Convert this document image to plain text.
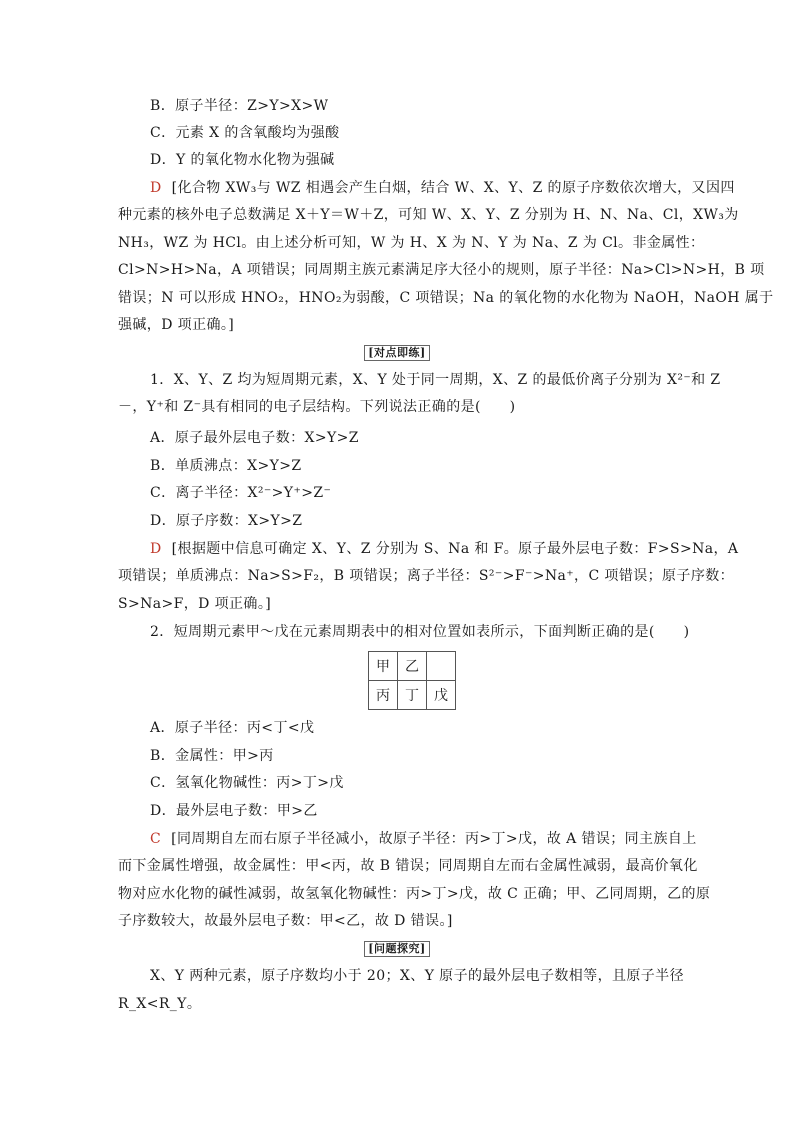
B．原子半径：Z>Y>X>W
C．元素 X 的含氧酸均为强酸
D．Y 的氧化物水化物为强碱
D [化合物 XW₃与 WZ 相遇会产生白烟，结合 W、X、Y、Z 的原子序数依次增大，又因四
种元素的核外电子总数满足 X＋Y＝W＋Z，可知 W、X、Y、Z 分别为 H、N、Na、Cl，XW₃为
NH₃，WZ 为 HCl。由上述分析可知，W 为 H、X 为 N、Y 为 Na、Z 为 Cl。非金属性：
Cl>N>H>Na，A 项错误；同周期主族元素满足序大径小的规则，原子半径：Na>Cl>N>H，B 项
错误；N 可以形成 HNO₂，HNO₂为弱酸，C 项错误；Na 的氧化物的水化物为 NaOH，NaOH 属于
强碱，D 项正确。]
[对点即练]
1．X、Y、Z 均为短周期元素，X、Y 处于同一周期，X、Z 的最低价离子分别为 X²⁻和 Z
－，Y⁺和 Z⁻具有相同的电子层结构。下列说法正确的是(　　)
A．原子最外层电子数：X>Y>Z
B．单质沸点：X>Y>Z
C．离子半径：X²⁻>Y⁺>Z⁻
D．原子序数：X>Y>Z
D [根据题中信息可确定 X、Y、Z 分别为 S、Na 和 F。原子最外层电子数：F>S>Na，A
项错误；单质沸点：Na>S>F₂，B 项错误；离子半径：S²⁻>F⁻>Na⁺，C 项错误；原子序数：
S>Na>F，D 项正确。]
2．短周期元素甲～戊在元素周期表中的相对位置如表所示，下面判断正确的是(　　)
甲	乙	
丙	丁	戊
A．原子半径：丙<丁<戊
B．金属性：甲>丙
C．氢氧化物碱性：丙>丁>戊
D．最外层电子数：甲>乙
C [同周期自左而右原子半径减小，故原子半径：丙>丁>戊，故 A 错误；同主族自上
而下金属性增强，故金属性：甲<丙，故 B 错误；同周期自左而右金属性减弱，最高价氧化
物对应水化物的碱性减弱，故氢氧化物碱性：丙>丁>戊，故 C 正确；甲、乙同周期，乙的原
子序数较大，故最外层电子数：甲<乙，故 D 错误。]
[问题探究]
X、Y 两种元素，原子序数均小于 20；X、Y 原子的最外层电子数相等，且原子半径
R_X<R_Y。
